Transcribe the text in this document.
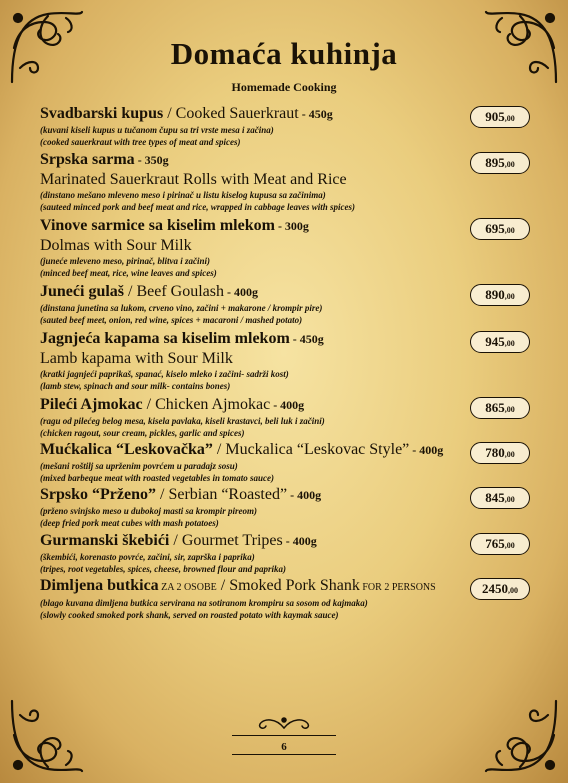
Domaća kuhinja
Homemade Cooking
Svadbarski kupus / Cooked Sauerkraut - 450g
(kuvani kiseli kupus u tučanom čupu sa tri vrste mesa i začina)
(cooked sauerkraut with tree types of meat and spices)
905,00
Srpska sarma - 350g
Marinated Sauerkraut Rolls with Meat and Rice
(dinstano mešano mleveno meso i pirinač u listu kiselog kupusa sa začinima)
(sauteed minced pork and beef meat and rice, wrapped in cabbage leaves with spices)
895,00
Vinove sarmice sa kiselim mlekom - 300g
Dolmas with Sour Milk
(juneće mleveno meso, pirinač, blitva i začini)
(minced beef meat, rice, wine leaves and spices)
695,00
Juneći gulaš / Beef Goulash - 400g
(dinstana junetina sa lukom, crveno vino, začini + makarone / krompir pire)
(sauted beef meet, onion, red wine, spices + macaroni / mashed potato)
890,00
Jagnjeća kapama sa kiselim mlekom - 450g
Lamb kapama with Sour Milk
(kratki jagnjeći paprikaš, spanać, kiselo mleko i začini- sadrži kost)
(lamb stew, spinach and sour milk- contains bones)
945,00
Pileći Ajmokac / Chicken Ajmokac - 400g
(ragu od pilećeg belog mesa, kisela pavlaka, kiseli krastavci, beli luk i začini)
(chicken ragout, sour cream, pickles, garlic and spices)
865,00
Mućkalica “Leskovačka” / Muckalica “Leskovac Style” - 400g
(mešani roštilj sa uprženim povrćem u paradajz sosu)
(mixed barbeque meat with roasted vegetables in tomato sauce)
780,00
Srpsko “Prženo” / Serbian “Roasted” - 400g
(prženo svinjsko meso u dubokoj masti sa krompir pireom)
(deep fried pork meat cubes with mash potatoes)
845,00
Gurmanski škebići / Gourmet Tripes - 400g
(škembići, korenasto povrće, začini, sir, zaprška i paprika)
(tripes, root vegetables, spices, cheese, browned flour and paprika)
765,00
Dimljena butkica ZA 2 OSOBE / Smoked Pork Shank FOR 2 PERSONS
(blago kuvana dimljena butkica servirana na sotiranom krompiru sa sosom od kajmaka)
(slowly cooked smoked pork shank, served on roasted potato with kaymak sauce)
2450,00
6
